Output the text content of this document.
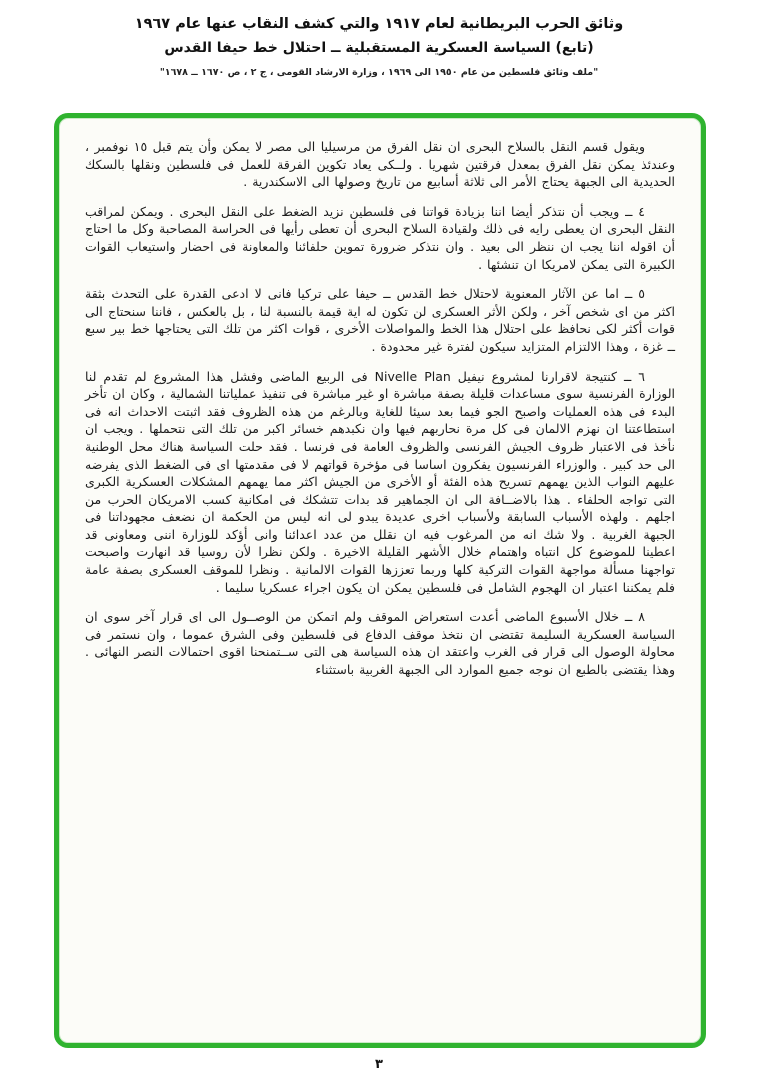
وثائق الحرب البريطانية لعام ١٩١٧ والتي كشف النقاب عنها عام ١٩٦٧
(تابع) السياسة العسكرية المستقبلية ــ احتلال خط حيفا القدس
"ملف وثائق فلسطين من عام ١٩٥٠ الى ١٩٦٩ ، وزارة الارشاد القومى ، ج ٢ ، ص ١٦٧٠ ــ ١٦٧٨"

ويقول قسم النقل بالسلاح البحرى ان نقل الفرق من مرسيليا الى مصر لا يمكن وأن يتم قبل ١٥ نوفمبر ، وعندئذ يمكن نقل الفرق بمعدل فرقتين شهريا . ولــكى يعاد تكوين الفرقة للعمل فى فلسطين ونقلها بالسكك الحديدية الى الجبهة يحتاج الأمر الى ثلاثة أسابيع من تاريخ وصولها الى الاسكندرية .

٤ ــ ويجب أن نتذكر أيضا اننا بزيادة قواتنا فى فلسطين نزيد الضغط على النقل البحرى . ويمكن لمراقب النقل البحرى ان يعطى رايه فى ذلك ولقيادة السلاح البحرى أن تعطى رأيها فى الحراسة المصاحبة وكل ما احتاج أن اقوله اننا يجب ان ننظر الى بعيد . وان نتذكر ضرورة تموين حلفائنا والمعاونة فى احضار واستيعاب القوات الكبيرة التى يمكن لامريكا ان تنشئها .

٥ ــ اما عن الآثار المعنوية لاحتلال خط القدس ــ حيفا على تركيا فانى لا ادعى القدرة على التحدث بثقة اكثر من اى شخص آخر ، ولكن الأثر العسكرى لن تكون له اية قيمة بالنسبة لنا ، بل بالعكس ، فاننا سنحتاج الى قوات أكثر لكى نحافظ على احتلال هذا الخط والمواصلات الأخرى ، قوات اكثر من تلك التى يحتاجها خط بير سبع ــ غزة ، وهذا الالتزام المتزايد سيكون لفترة غير محدودة .

٦ ــ كنتيجة لاقرارنا لمشروع نيفيل Nivelle Plan فى الربيع الماضى وفشل هذا المشروع لم تقدم لنا الوزارة الفرنسية سوى مساعدات قليلة بصفة مباشرة او غير مباشرة فى تنفيذ عملياتنا الشمالية ، وكان ان تأخر البدء فى هذه العمليات واصبح الجو فيما بعد سيئا للغاية وبالرغم من هذه الظروف فقد اثبتت الاحداث انه فى استطاعتنا ان نهزم الالمان فى كل مرة نحاربهم فيها وان نكبدهم خسائر اكبر من تلك التى نتحملها . ويجب ان نأخذ فى الاعتبار ظروف الجيش الفرنسى والظروف العامة فى فرنسا . فقد حلت السياسة هناك محل الوطنية الى حد كبير . والوزراء الفرنسيون يفكرون اساسا فى مؤخرة قواتهم لا فى مقدمتها اى فى الضغط الذى يفرضه عليهم النواب الذين يهمهم تسريح هذه الفئة أو الأخرى من الجيش اكثر مما يهمهم المشكلات العسكرية الكبرى التى تواجه الحلفاء . هذا بالاضــافة الى ان الجماهير قد بدات تتشكك فى امكانية كسب الامريكان الحرب من اجلهم . ولهذه الأسباب السابقة ولأسباب اخرى عديدة يبدو لى انه ليس من الحكمة ان نضعف مجهوداتنا فى الجبهة الغربية . ولا شك انه من المرغوب فيه ان نقلل من عدد اعدائنا وانى أؤكد للوزارة اننى ومعاونى قد اعطينا للموضوع كل انتباه واهتمام خلال الأشهر القليلة الاخيرة . ولكن نظرا لأن روسيا قد انهارت واصبحت تواجهنا مسألة مواجهة القوات التركية كلها وربما تعززها القوات الالمانية . ونظرا للموقف العسكرى بصفة عامة فلم يمكننا اعتبار ان الهجوم الشامل فى فلسطين يمكن ان يكون اجراء عسكريا سليما .

٨ ــ خلال الأسبوع الماضى أعدت استعراض الموقف ولم اتمكن من الوصــول الى اى قرار آخر سوى ان السياسة العسكرية السليمة تقتضى ان نتخذ موقف الدفاع فى فلسطين وفى الشرق عموما ، وان نستمر فى محاولة الوصول الى قرار فى الغرب واعتقد ان هذه السياسة هى التى ســتمنحنا اقوى احتمالات النصر النهائى . وهذا يقتضى بالطبع ان نوجه جميع الموارد الى الجبهة الغربية باستثناء

٣
